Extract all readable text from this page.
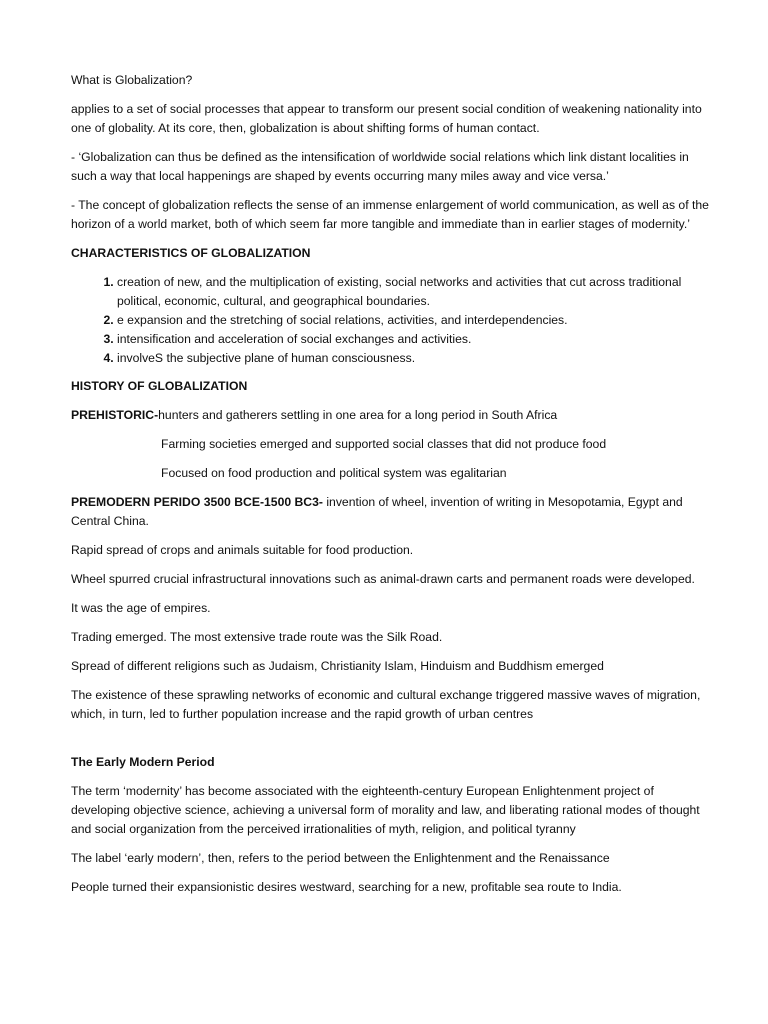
What is Globalization?

applies to a set of social processes that appear to transform our present social condition of weakening nationality into one of globality. At its core, then, globalization is about shifting forms of human contact.

- ‘Globalization can thus be defined as the intensification of worldwide social relations which link distant localities in such a way that local happenings are shaped by events occurring many miles away and vice versa.’

- The concept of globalization reflects the sense of an immense enlargement of world communication, as well as of the horizon of a world market, both of which seem far more tangible and immediate than in earlier stages of modernity.’

CHARACTERISTICS OF GLOBALIZATION

1. creation of new, and the multiplication of existing, social networks and activities that cut across traditional political, economic, cultural, and geographical boundaries.
2. e expansion and the stretching of social relations, activities, and interdependencies.
3. intensification and acceleration of social exchanges and activities.
4. involveS the subjective plane of human consciousness.

HISTORY OF GLOBALIZATION

PREHISTORIC-hunters and gatherers settling in one area for a long period in South Africa

Farming societies emerged and supported social classes that did not produce food

Focused on food production and political system was egalitarian

PREMODERN PERIDO 3500 BCE-1500 BC3- invention of wheel, invention of writing in Mesopotamia, Egypt and Central China.

Rapid spread of crops and animals suitable for food production.

Wheel spurred crucial infrastructural innovations such as animal-drawn carts and permanent roads were developed.

It was the age of empires.

Trading emerged. The most extensive trade route was the Silk Road.

Spread of different religions such as Judaism, Christianity Islam, Hinduism and Buddhism emerged

The existence of these sprawling networks of economic and cultural exchange triggered massive waves of migration, which, in turn, led to further population increase and the rapid growth of urban centres

The Early Modern Period

The term ‘modernity’ has become associated with the eighteenth-century European Enlightenment project of developing objective science, achieving a universal form of morality and law, and liberating rational modes of thought and social organization from the perceived irrationalities of myth, religion, and political tyranny

The label ‘early modern’, then, refers to the period between the Enlightenment and the Renaissance

People turned their expansionistic desires westward, searching for a new, profitable sea route to India.
